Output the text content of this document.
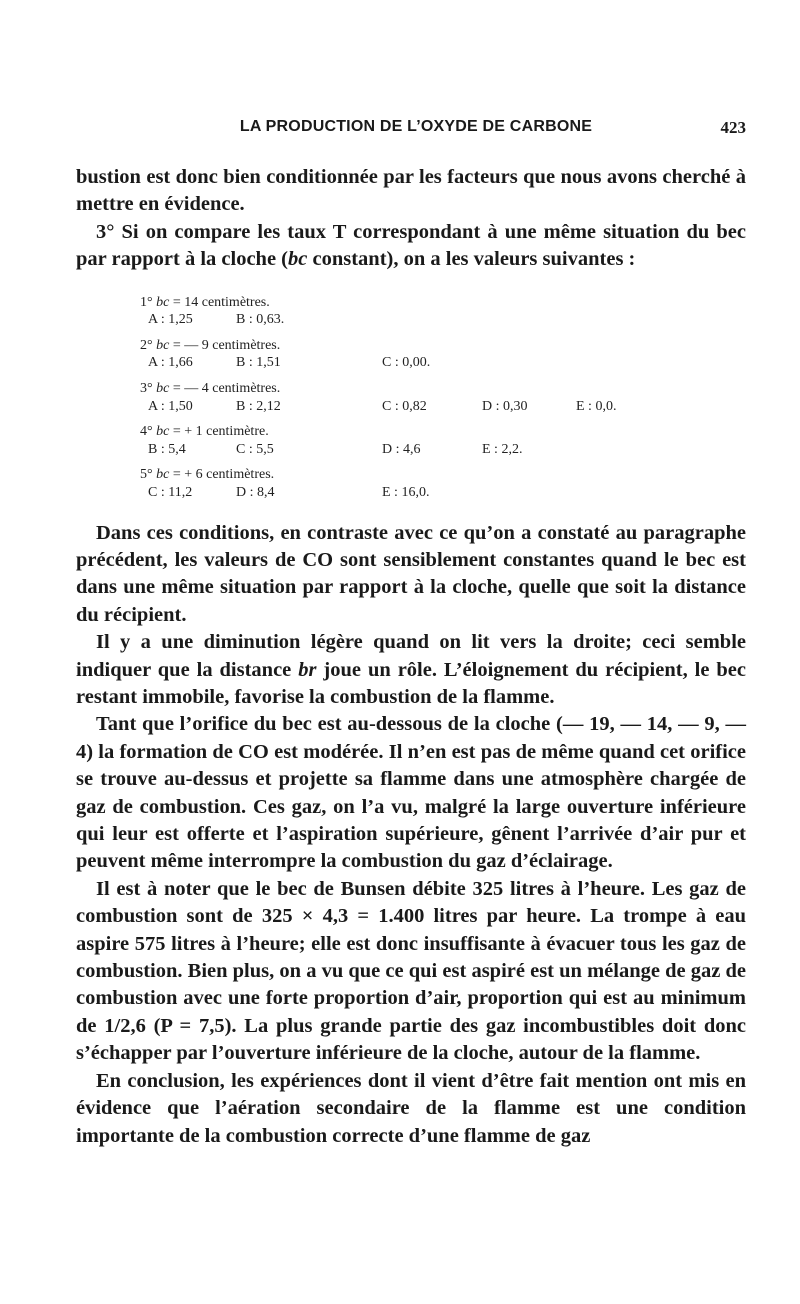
LA PRODUCTION DE L’OXYDE DE CARBONE	423

bustion est donc bien conditionnée par les facteurs que nous avons cherché à mettre en évidence.

3° Si on compare les taux T correspondant à une même situation du bec par rapport à la cloche (bc constant), on a les valeurs suivantes :

1° bc = 14 centimètres.
A : 1,25	B : 0,63.
2° bc = — 9 centimètres.
A : 1,66	B : 1,51	C : 0,00.
3° bc = — 4 centimètres.
A : 1,50	B : 2,12	C : 0,82	D : 0,30	E : 0,0.
4° bc = + 1 centimètre.
B : 5,4	C : 5,5	D : 4,6	E : 2,2.
5° bc = + 6 centimètres.
C : 11,2	D : 8,4	E : 16,0.

Dans ces conditions, en contraste avec ce qu’on a constaté au paragraphe précédent, les valeurs de CO sont sensiblement constantes quand le bec est dans une même situation par rapport à la cloche, quelle que soit la distance du récipient.

Il y a une diminution légère quand on lit vers la droite; ceci semble indiquer que la distance br joue un rôle. L’éloignement du récipient, le bec restant immobile, favorise la combustion de la flamme.

Tant que l’orifice du bec est au-dessous de la cloche (— 19, — 14, — 9, — 4) la formation de CO est modérée. Il n’en est pas de même quand cet orifice se trouve au-dessus et projette sa flamme dans une atmosphère chargée de gaz de combustion. Ces gaz, on l’a vu, malgré la large ouverture inférieure qui leur est offerte et l’aspiration supérieure, gênent l’arrivée d’air pur et peuvent même interrompre la combustion du gaz d’éclairage.

Il est à noter que le bec de Bunsen débite 325 litres à l’heure. Les gaz de combustion sont de 325 × 4,3 = 1.400 litres par heure. La trompe à eau aspire 575 litres à l’heure; elle est donc insuffisante à évacuer tous les gaz de combustion. Bien plus, on a vu que ce qui est aspiré est un mélange de gaz de combustion avec une forte proportion d’air, proportion qui est au minimum de 1/2,6 (P = 7,5). La plus grande partie des gaz incombustibles doit donc s’échapper par l’ouverture inférieure de la cloche, autour de la flamme.

En conclusion, les expériences dont il vient d’être fait mention ont mis en évidence que l’aération secondaire de la flamme est une condition importante de la combustion correcte d’une flamme de gaz
